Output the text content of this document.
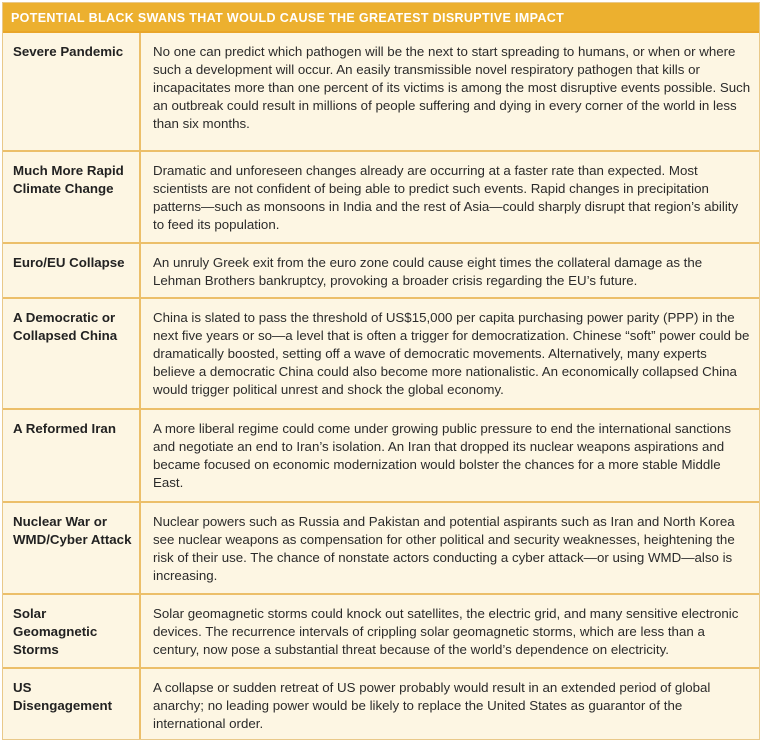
POTENTIAL BLACK SWANS THAT WOULD CAUSE THE GREATEST DISRUPTIVE IMPACT
Severe Pandemic	No one can predict which pathogen will be the next to start spreading to humans, or when or where such a development will occur. An easily transmissible novel respiratory pathogen that kills or incapacitates more than one percent of its victims is among the most disruptive events possible. Such an outbreak could result in millions of people suffering and dying in every corner of the world in less than six months.
Much More Rapid Climate Change	Dramatic and unforeseen changes already are occurring at a faster rate than expected. Most scientists are not confident of being able to predict such events. Rapid changes in precipitation patterns—such as monsoons in India and the rest of Asia—could sharply disrupt that region’s ability to feed its population.
Euro/EU Collapse	An unruly Greek exit from the euro zone could cause eight times the collateral damage as the Lehman Brothers bankruptcy, provoking a broader crisis regarding the EU’s future.
A Democratic or Collapsed China	China is slated to pass the threshold of US$15,000 per capita purchasing power parity (PPP) in the next five years or so—a level that is often a trigger for democratization. Chinese “soft” power could be dramatically boosted, setting off a wave of democratic movements. Alternatively, many experts believe a democratic China could also become more nationalistic. An economically collapsed China would trigger political unrest and shock the global economy.
A Reformed Iran	A more liberal regime could come under growing public pressure to end the international sanctions and negotiate an end to Iran’s isolation. An Iran that dropped its nuclear weapons aspirations and became focused on economic modernization would bolster the chances for a more stable Middle East.
Nuclear War or WMD/Cyber Attack	Nuclear powers such as Russia and Pakistan and potential aspirants such as Iran and North Korea see nuclear weapons as compensation for other political and security weaknesses, heightening the risk of their use. The chance of nonstate actors conducting a cyber attack—or using WMD—also is increasing.
Solar Geomagnetic Storms	Solar geomagnetic storms could knock out satellites, the electric grid, and many sensitive electronic devices. The recurrence intervals of crippling solar geomagnetic storms, which are less than a century, now pose a substantial threat because of the world’s dependence on electricity.
US Disengagement	A collapse or sudden retreat of US power probably would result in an extended period of global anarchy; no leading power would be likely to replace the United States as guarantor of the international order.
